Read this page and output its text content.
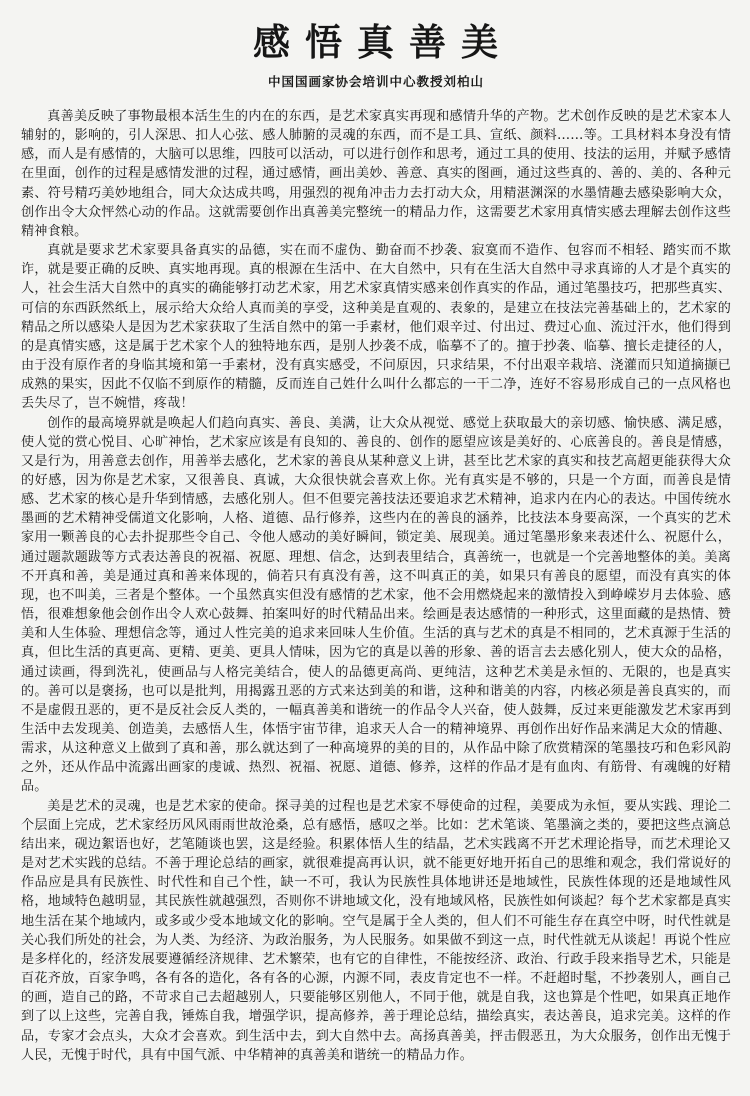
感悟真善美
中国国画家协会培训中心教授刘柏山

真善美反映了事物最根本活生生的内在的东西，是艺术家真实再现和感情升华的产物。艺术创作反映的是艺术家本人辅射的，影响的，引人深思、扣人心弦、感人肺腑的灵魂的东西，而不是工具、宣纸、颜料……等。工具材料本身没有情感，而人是有感情的，大脑可以思维，四肢可以活动，可以进行创作和思考，通过工具的使用、技法的运用，并赋予感情在里面，创作的过程是感情发泄的过程，通过感情，画出美妙、善意、真实的图画，通过这些真的、善的、美的、各种元素、符号精巧美妙地组合，同大众达成共鸣，用强烈的视角冲击力去打动大众，用精湛渊深的水墨情趣去感染影响大众，创作出令大众怦然心动的作品。这就需要创作出真善美完整统一的精品力作，这需要艺术家用真情实感去理解去创作这些精神食粮。

真就是要求艺术家要具备真实的品德，实在而不虚伪、勤奋而不抄袭、寂寞而不造作、包容而不相轻、踏实而不欺诈，就是要正确的反映、真实地再现。真的根源在生活中、在大自然中，只有在生活大自然中寻求真谛的人才是个真实的人，社会生活大自然中的真实的确能够打动艺术家，用艺术家真情实感来创作真实的作品，通过笔墨技巧，把那些真实、可信的东西跃然纸上，展示给大众给人真而美的享受，这种美是直观的、表象的，是建立在技法完善基础上的，艺术家的精品之所以感染人是因为艺术家获取了生活自然中的第一手素材，他们艰辛过、付出过、费过心血、流过汗水，他们得到的是真情实感，这是属于艺术家个人的独特地东西，是别人抄袭不成，临摹不了的。擅于抄袭、临摹、擅长走捷径的人，由于没有原作者的身临其境和第一手素材，没有真实感受，不问原因，只求结果，不付出艰辛栽培、浇灌而只知道摘撷已成熟的果实，因此不仅临不到原作的精髓，反而连自己姓什么叫什么都忘的一干二净，连好不容易形成自己的一点风格也丢失尽了，岂不婉惜，疼哉！

创作的最高境界就是唤起人们趋向真实、善良、美满，让大众从视觉、感觉上获取最大的亲切感、愉快感、满足感，使人觉的赏心悦目、心旷神怡，艺术家应该是有良知的、善良的、创作的愿望应该是美好的、心底善良的。善良是情感，又是行为，用善意去创作，用善举去感化，艺术家的善良从某种意义上讲，甚至比艺术家的真实和技艺高超更能获得大众的好感，因为你是艺术家，又很善良、真诚，大众很快就会喜欢上你。光有真实是不够的，只是一个方面，而善良是情感、艺术家的核心是升华到情感，去感化别人。但不但要完善技法还要追求艺术精神，追求内在内心的表达。中国传统水墨画的艺术精神受儒道文化影响，人格、道德、品行修养，这些内在的善良的涵养，比技法本身要高深，一个真实的艺术家用一颗善良的心去扑捉那些令自己、令他人感动的美好瞬间，锁定美、展现美。通过笔墨形象来表述什么、祝愿什么，通过题款题跋等方式表达善良的祝福、祝愿、理想、信念，达到表里结合，真善统一，也就是一个完善地整体的美。美离不开真和善，美是通过真和善来体现的，倘若只有真没有善，这不叫真正的美，如果只有善良的愿望，而没有真实的体现，也不叫美，三者是个整体。一个虽然真实但没有感情的艺术家，他不会用燃烧起来的激情投入到峥嵘岁月去体验、感悟，很难想象他会创作出令人欢心鼓舞、拍案叫好的时代精品出来。绘画是表达感情的一种形式，这里面藏的是热情、赞美和人生体验、理想信念等，通过人性完美的追求来回味人生价值。生活的真与艺术的真是不相同的，艺术真源于生活的真，但比生活的真更高、更精、更美、更具人情味，因为它的真是以善的形象、善的语言去去感化别人，使大众的品格，通过读画，得到洗礼，使画品与人格完美结合，使人的品德更高尚、更纯洁，这种艺术美是永恒的、无限的，也是真实的。善可以是褒扬，也可以是批判，用揭露丑恶的方式来达到美的和谐，这种和谐美的内容，内核必须是善良真实的，而不是虚假丑恶的，更不是反社会反人类的，一幅真善美和谐统一的作品令人兴奋，使人鼓舞，反过来更能激发艺术家再到生活中去发现美、创造美，去感悟人生，体悟宇宙节律，追求天人合一的精神境界、再创作出好作品来满足大众的情趣、需求，从这种意义上做到了真和善，那么就达到了一种高境界的美的目的，从作品中除了欣赏精深的笔墨技巧和色彩风韵之外，还从作品中流露出画家的虔诚、热烈、祝福、祝愿、道德、修养，这样的作品才是有血肉、有筋骨、有魂魄的好精品。

美是艺术的灵魂，也是艺术家的使命。探寻美的过程也是艺术家不辱使命的过程，美要成为永恒，要从实践、理论二个层面上完成，艺术家经历风风雨雨世故沧桑，总有感悟，感叹之举。比如：艺术笔谈、笔墨滴之类的，要把这些点滴总结出来，砚边絮语也好，艺笔随谈也罢，这是经验。积累体悟人生的结晶，艺术实践离不开艺术理论指导，而艺术理论又是对艺术实践的总结。不善于理论总结的画家，就很难提高再认识，就不能更好地开拓自己的思维和观念，我们常说好的作品应是具有民族性、时代性和自己个性，缺一不可，我认为民族性具体地讲还是地域性，民族性体现的还是地域性风格，地域特色越明显，其民族性就越强烈，否则你不讲地域文化，没有地域风格，民族性如何谈起？每个艺术家都是真实地生活在某个地域内，或多或少受本地域文化的影响。空气是属于全人类的，但人们不可能生存在真空中呀，时代性就是关心我们所处的社会，为人类、为经济、为政治服务，为人民服务。如果做不到这一点，时代性就无从谈起！再说个性应是多样化的，经济发展要遵循经济规律、艺术繁荣，也有它的自律性，不能按经济、政治、行政手段来指导艺术，只能是百花齐放，百家争鸣，各有各的造化，各有各的心源，内源不同，表皮肯定也不一样。不赶超时髦，不抄袭别人，画自己的画，造自己的路，不苛求自己去超越别人，只要能够区别他人，不同于他，就是自我，这也算是个性吧，如果真正地作到了以上这些，完善自我，锤炼自我，增强学识，提高修养，善于理论总结，描绘真实，表达善良，追求完美。这样的作品，专家才会点头，大众才会喜欢。到生活中去，到大自然中去。高扬真善美，抨击假恶丑，为大众服务，创作出无愧于人民，无愧于时代，具有中国气派、中华精神的真善美和谐统一的精品力作。
